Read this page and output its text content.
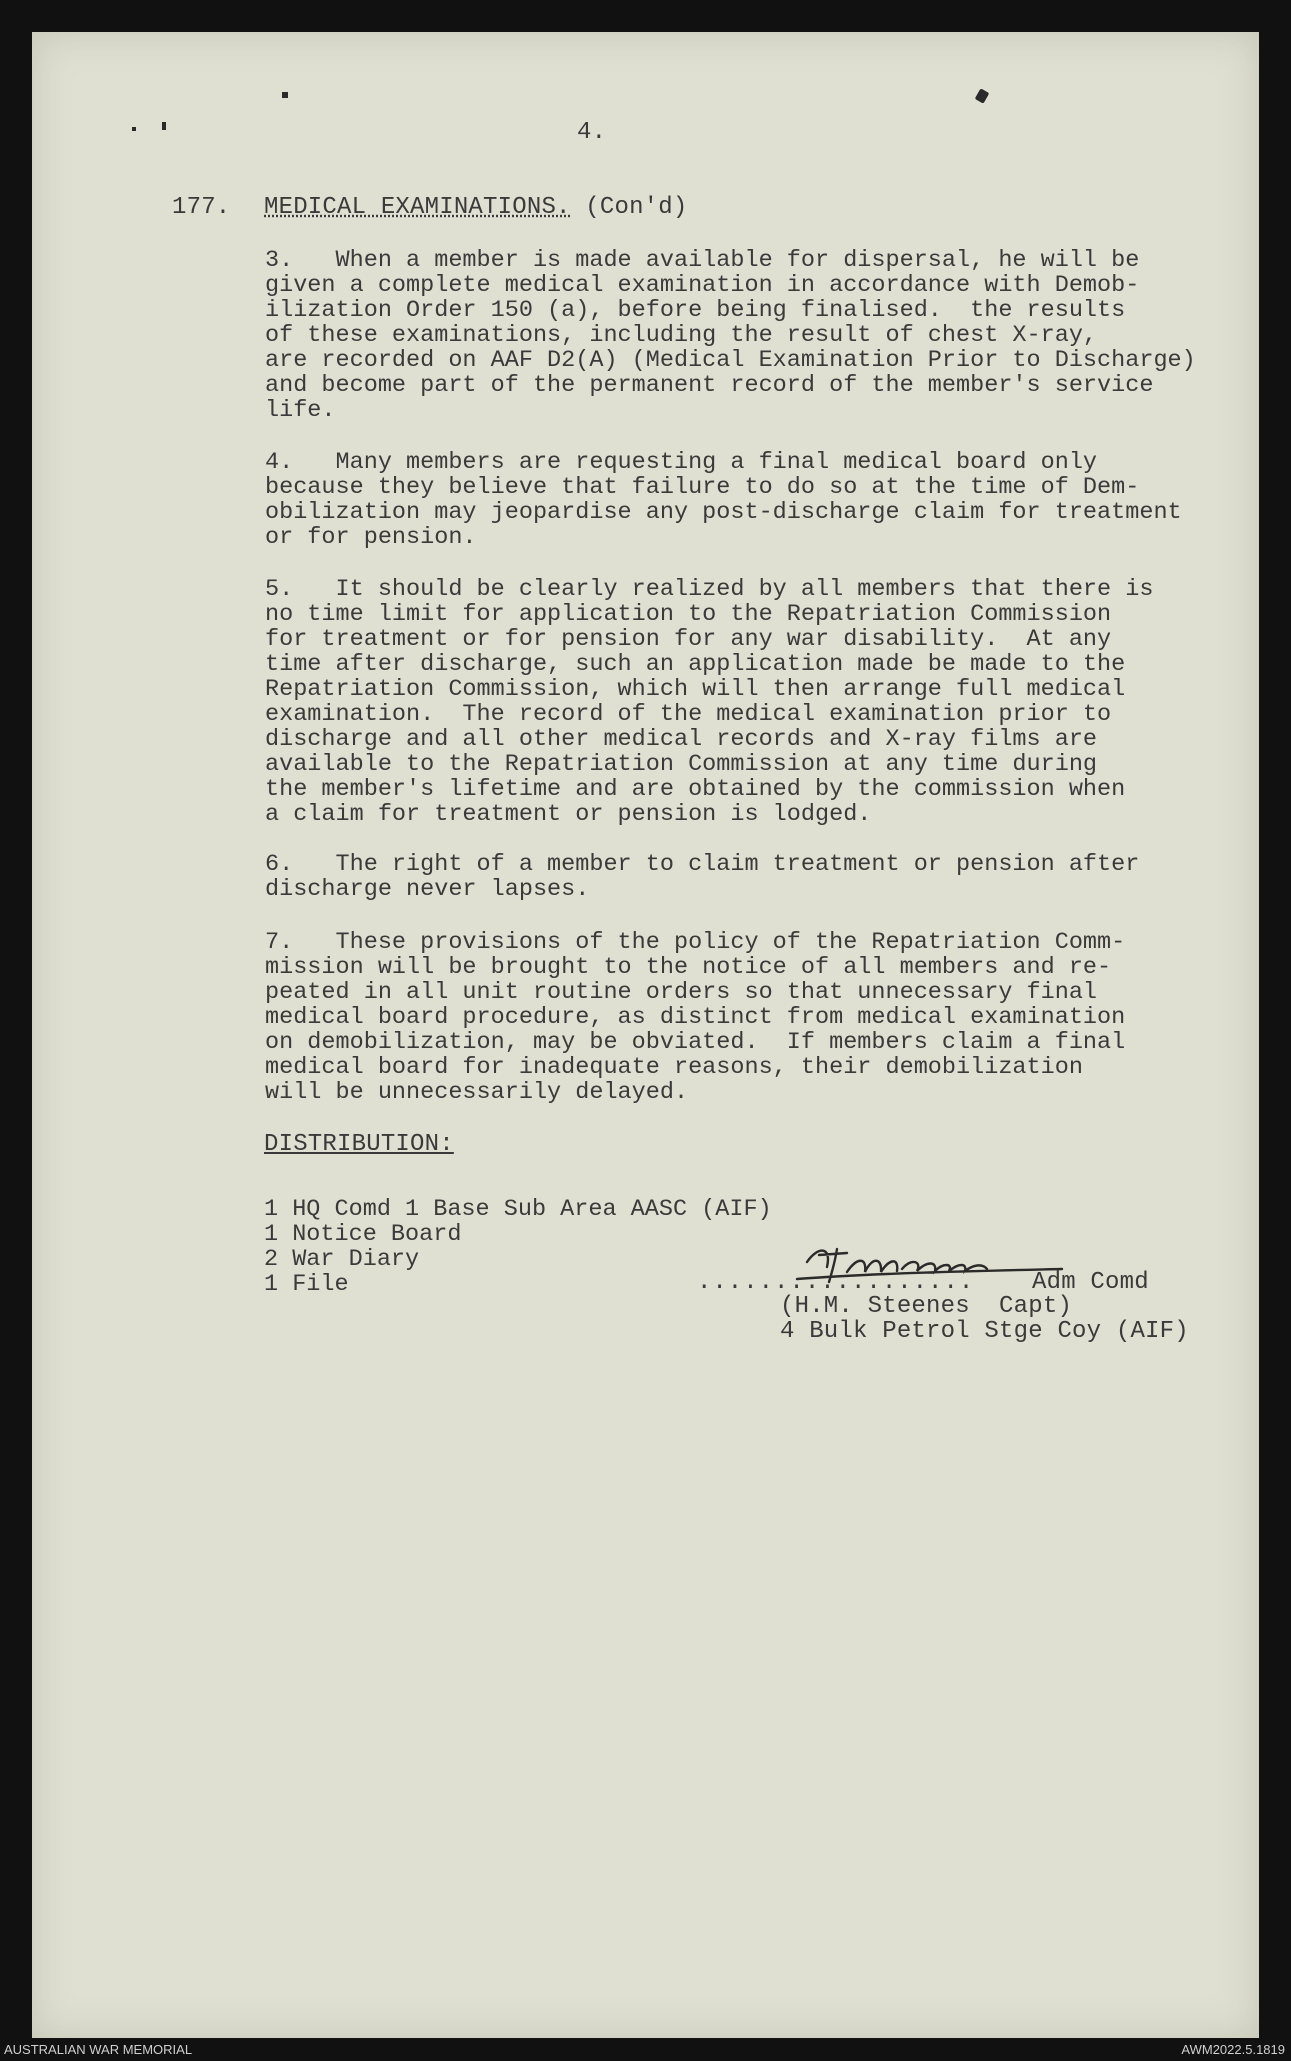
4.
177. MEDICAL EXAMINATIONS. (Con'd)
3.   When a member is made available for dispersal, he will be
given a complete medical examination in accordance with Demob-
ilization Order 150 (a), before being finalised.  the results
of these examinations, including the result of chest X-ray,
are recorded on AAF D2(A) (Medical Examination Prior to Discharge)
and become part of the permanent record of the member's service
life.
4.   Many members are requesting a final medical board only
because they believe that failure to do so at the time of Dem-
obilization may jeopardise any post-discharge claim for treatment
or for pension.
5.   It should be clearly realized by all members that there is
no time limit for application to the Repatriation Commission
for treatment or for pension for any war disability.  At any
time after discharge, such an application made be made to the
Repatriation Commission, which will then arrange full medical
examination.  The record of the medical examination prior to
discharge and all other medical records and X-ray films are
available to the Repatriation Commission at any time during
the member's lifetime and are obtained by the commission when
a claim for treatment or pension is lodged.
6.   The right of a member to claim treatment or pension after
discharge never lapses.
7.   These provisions of the policy of the Repatriation Comm-
mission will be brought to the notice of all members and re-
peated in all unit routine orders so that unnecessary final
medical board procedure, as distinct from medical examination
on demobilization, may be obviated.  If members claim a final
medical board for inadequate reasons, their demobilization
will be unnecessarily delayed.
DISTRIBUTION:
1 HQ Comd 1 Base Sub Area AASC (AIF)
1 Notice Board
2 War Diary
1 File	.................. Adm Comd
(H.M. Steenes  Capt)
4 Bulk Petrol Stge Coy (AIF)
AUSTRALIAN WAR MEMORIAL	AWM2022.5.1819
